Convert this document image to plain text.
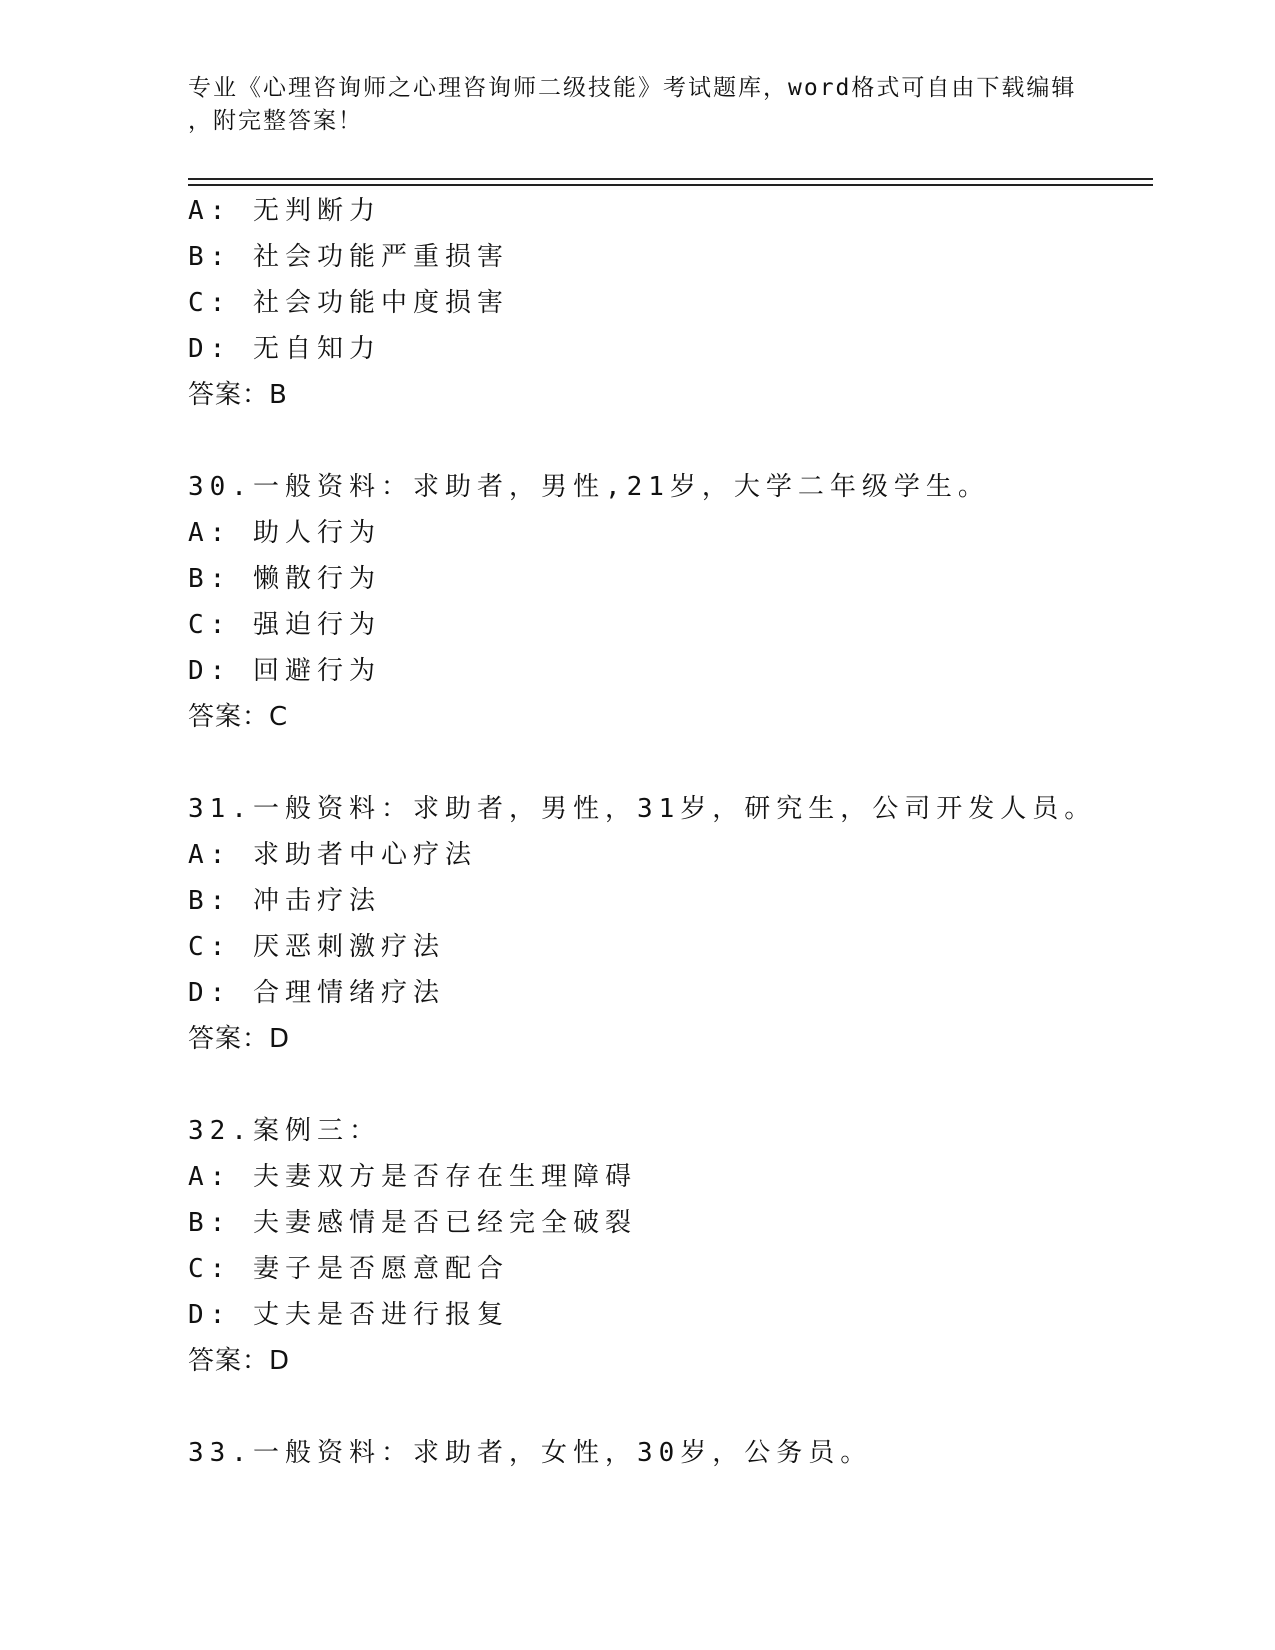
专业《心理咨询师之心理咨询师二级技能》考试题库，word格式可自由下载编辑

，附完整答案！

A: 无判断力

B: 社会功能严重损害

C: 社会功能中度损害

D: 无自知力

答案：B

30.一般资料：求助者，男性,21岁，大学二年级学生。

A: 助人行为

B: 懒散行为

C: 强迫行为

D: 回避行为

答案：C

31.一般资料：求助者，男性，31岁，研究生，公司开发人员。

A: 求助者中心疗法

B: 冲击疗法

C: 厌恶刺激疗法

D: 合理情绪疗法

答案：D

32.案例三：

A: 夫妻双方是否存在生理障碍

B: 夫妻感情是否已经完全破裂

C: 妻子是否愿意配合

D: 丈夫是否进行报复

答案：D

33.一般资料：求助者，女性，30岁，公务员。
